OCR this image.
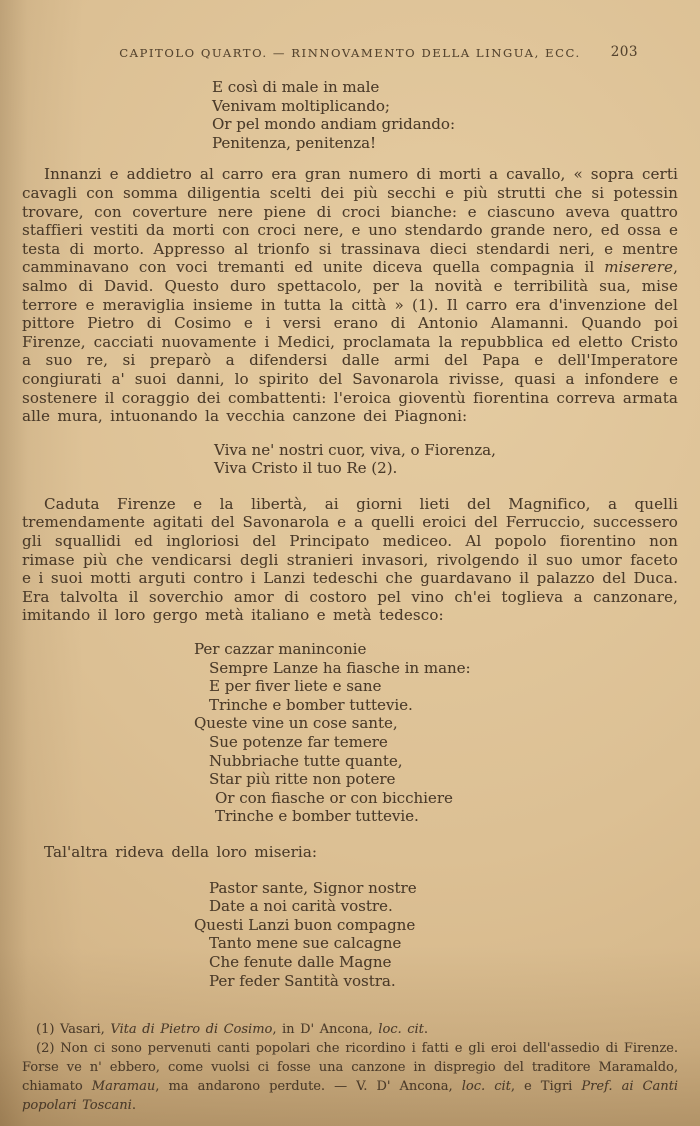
CAPITOLO QUARTO. — RINNOVAMENTO DELLA LINGUA, ECC. 203
E così di male in male
Venivam moltiplicando;
Or pel mondo andiam gridando:
Penitenza, penitenza!

Innanzi e addietro al carro era gran numero di morti a cavallo, « sopra certi cavagli con somma diligentia scelti dei più secchi e più strutti che si potessin trovare, con coverture nere piene di croci bianche: e ciascuno aveva quattro staffieri vestiti da morti con croci nere, e uno stendardo grande nero, ed ossa e testa di morto. Appresso al trionfo si trassinava dieci stendardi neri, e mentre camminavano con voci tremanti ed unite diceva quella compagnia il miserere, salmo di David. Questo duro spettacolo, per la novità e terribilità sua, mise terrore e meraviglia insieme in tutta la città » (1). Il carro era d'invenzione del pittore Pietro di Cosimo e i versi erano di Antonio Alamanni. Quando poi Firenze, cacciati nuovamente i Medici, proclamata la repubblica ed eletto Cristo a suo re, si preparò a difendersi dalle armi del Papa e dell'Imperatore congiurati a' suoi danni, lo spirito del Savonarola rivisse, quasi a infondere e sostenere il coraggio dei combattenti: l'eroica gioventù fiorentina correva armata alle mura, intuonando la vecchia canzone dei Piagnoni:

Viva ne' nostri cuor, viva, o Fiorenza,
Viva Cristo il tuo Re (2).

Caduta Firenze e la libertà, ai giorni lieti del Magnifico, a quelli tremendamente agitati del Savonarola e a quelli eroici del Ferruccio, successero gli squallidi ed ingloriosi del Principato mediceo. Al popolo fiorentino non rimase più che vendicarsi degli stranieri invasori, rivolgendo il suo umor faceto e i suoi motti arguti contro i Lanzi tedeschi che guardavano il palazzo del Duca. Era talvolta il soverchio amor di costoro pel vino ch'ei toglieva a canzonare, imitando il loro gergo metà italiano e metà tedesco:

Per cazzar maninconie
Sempre Lanze ha fiasche in mane:
E per fiver liete e sane
Trinche e bomber tuttevie.
Queste vine un cose sante,
Sue potenze far temere
Nubbriache tutte quante,
Star più ritte non potere
Or con fiasche or con bicchiere
Trinche e bomber tuttevie.

Tal'altra rideva della loro miseria:

Pastor sante, Signor nostre
Date a noi carità vostre.
Questi Lanzi buon compagne
Tanto mene sue calcagne
Che fenute dalle Magne
Per feder Santità vostra.

(1) Vasari, Vita di Pietro di Cosimo, in D' Ancona, loc. cit.

(2) Non ci sono pervenuti canti popolari che ricordino i fatti e gli eroi dell'assedio di Firenze. Forse ve n' ebbero, come vuolsi ci fosse una canzone in dispregio del traditore Maramaldo, chiamato Maramau, ma andarono perdute. — V. D' Ancona, loc. cit, e Tigri Pref. ai Canti popolari Toscani.
